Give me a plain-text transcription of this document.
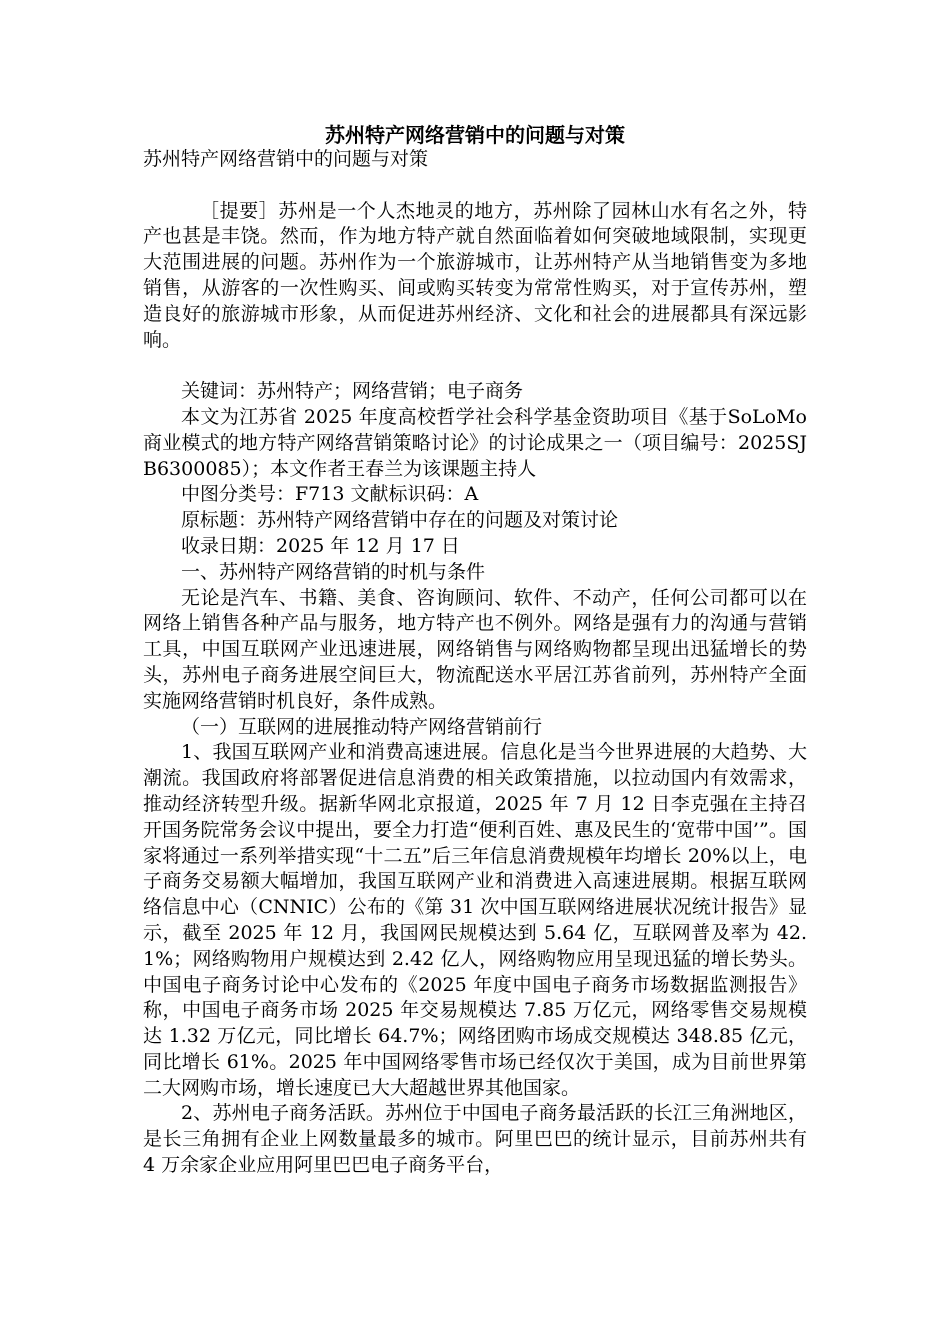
苏州特产网络营销中的问题与对策

苏州特产网络营销中的问题与对策

［提要］苏州是一个人杰地灵的地方，苏州除了园林山水有名之外，特产也甚是丰饶。然而，作为地方特产就自然面临着如何突破地域限制，实现更大范围进展的问题。苏州作为一个旅游城市，让苏州特产从当地销售变为多地销售，从游客的一次性购买、间或购买转变为常常性购买，对于宣传苏州，塑造良好的旅游城市形象，从而促进苏州经济、文化和社会的进展都具有深远影响。

关键词：苏州特产；网络营销；电子商务

本文为江苏省 2025 年度高校哲学社会科学基金资助项目《基于SoLoMo 商业模式的地方特产网络营销策略讨论》的讨论成果之一（项目编号：2025SJB6300085）；本文作者王春兰为该课题主持人

中图分类号：F713 文献标识码：A

原标题：苏州特产网络营销中存在的问题及对策讨论

收录日期：2025 年 12 月 17 日

一、苏州特产网络营销的时机与条件

无论是汽车、书籍、美食、咨询顾问、软件、不动产，任何公司都可以在网络上销售各种产品与服务，地方特产也不例外。网络是强有力的沟通与营销工具，中国互联网产业迅速进展，网络销售与网络购物都呈现出迅猛增长的势头，苏州电子商务进展空间巨大，物流配送水平居江苏省前列，苏州特产全面实施网络营销时机良好，条件成熟。

（一）互联网的进展推动特产网络营销前行

1、我国互联网产业和消费高速进展。信息化是当今世界进展的大趋势、大潮流。我国政府将部署促进信息消费的相关政策措施，以拉动国内有效需求，推动经济转型升级。据新华网北京报道，2025 年 7 月 12 日李克强在主持召开国务院常务会议中提出，要全力打造“便利百姓、惠及民生的‘宽带中国’”。国家将通过一系列举措实现“十二五”后三年信息消费规模年均增长 20%以上，电子商务交易额大幅增加，我国互联网产业和消费进入高速进展期。根据互联网络信息中心（CNNIC）公布的《第 31 次中国互联网络进展状况统计报告》显示，截至 2025 年 12 月，我国网民规模达到 5.64 亿，互联网普及率为 42.1%；网络购物用户规模达到 2.42 亿人，网络购物应用呈现迅猛的增长势头。中国电子商务讨论中心发布的《2025 年度中国电子商务市场数据监测报告》称，中国电子商务市场 2025 年交易规模达 7.85 万亿元，网络零售交易规模达 1.32 万亿元，同比增长 64.7%；网络团购市场成交规模达 348.85 亿元，同比增长 61%。2025 年中国网络零售市场已经仅次于美国，成为目前世界第二大网购市场，增长速度已大大超越世界其他国家。

2、苏州电子商务活跃。苏州位于中国电子商务最活跃的长江三角洲地区，是长三角拥有企业上网数量最多的城市。阿里巴巴的统计显示，目前苏州共有 4 万余家企业应用阿里巴巴电子商务平台，
